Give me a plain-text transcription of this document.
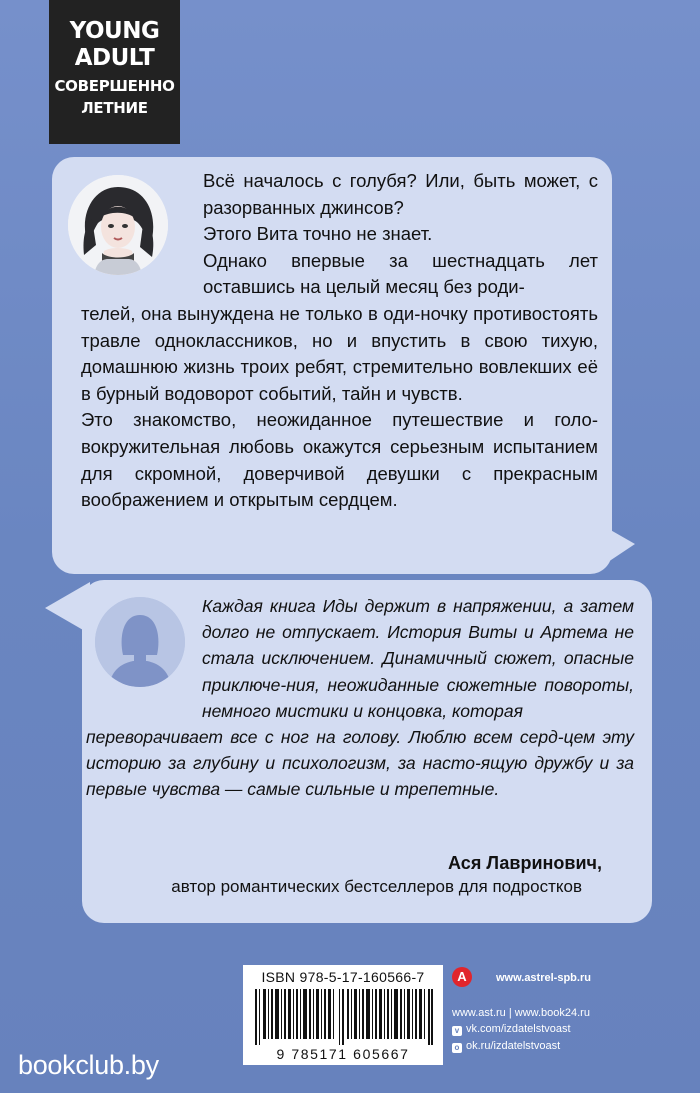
YOUNG
ADULT
СОВЕРШЕННО
ЛЕТНИЕ

Всё началось с голубя? Или, быть может, с разорванных джинсов?

Этого Вита точно не знает.

Однако впервые за шестнадцать лет оставшись на целый месяц без роди-

телей, она вынуждена не только в оди-ночку противостоять травле одноклассников, но и впустить в свою тихую, домашнюю жизнь троих ребят, стремительно вовлекших её в бурный водоворот событий, тайн и чувств.

Это знакомство, неожиданное путешествие и голо-вокружительная любовь окажутся серьезным испытанием для скромной, доверчивой девушки с прекрасным воображением и открытым сердцем.

Каждая книга Иды держит в напряжении, а затем долго не отпускает. История Виты и Артема не стала исключением. Динамичный сюжет, опасные приключе-ния, неожиданные сюжетные повороты, немного мистики и концовка, которая
переворачивает все с ног на голову. Люблю всем серд-цем эту историю за глубину и психологизм, за насто-ящую дружбу и за первые чувства — самые сильные и трепетные.
Ася Лавринович,
автор романтических бестселлеров для подростков
ISBN 978-5-17-160566-7
9 785171 605667
А	www.astrel-spb.ru
www.ast.ru | www.book24.ru
v vk.com/izdatelstvoast
o ok.ru/izdatelstvoast
bookclub.by
